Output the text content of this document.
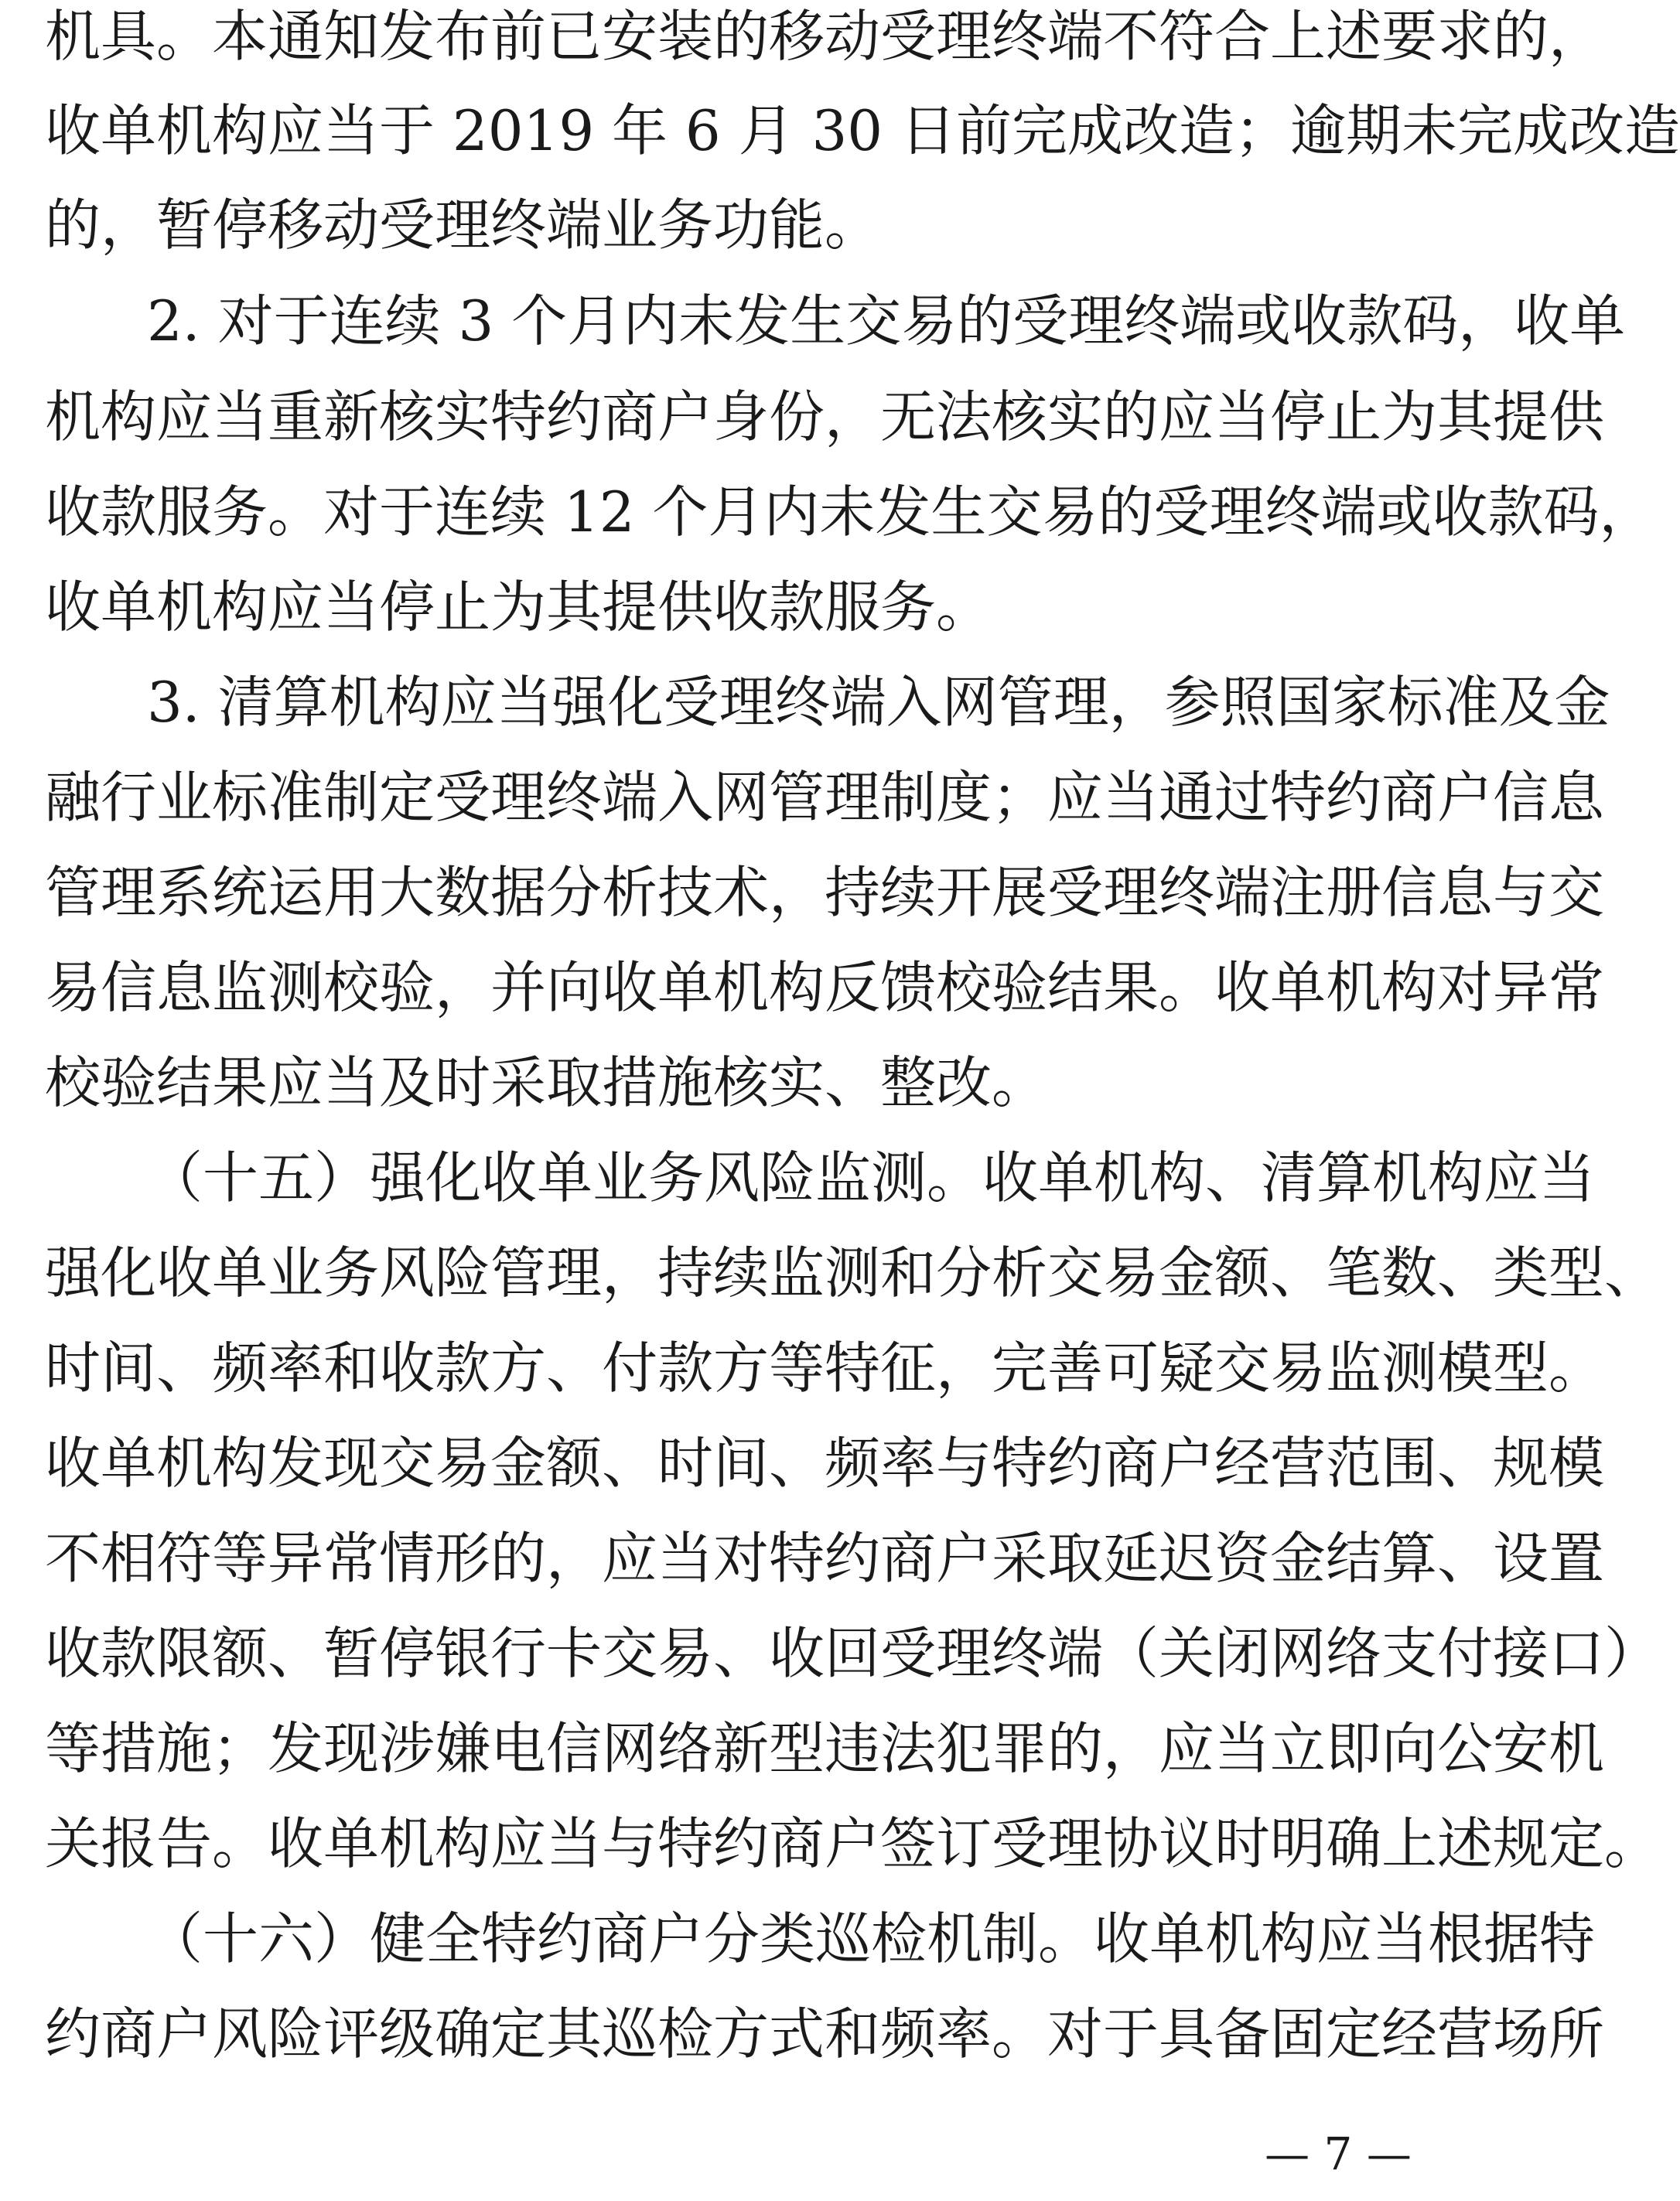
机具。本通知发布前已安装的移动受理终端不符合上述要求的，
收单机构应当于 2019 年 6 月 30 日前完成改造；逾期未完成改造
的，暂停移动受理终端业务功能。
2. 对于连续 3 个月内未发生交易的受理终端或收款码，收单
机构应当重新核实特约商户身份，无法核实的应当停止为其提供
收款服务。对于连续 12 个月内未发生交易的受理终端或收款码，
收单机构应当停止为其提供收款服务。
3. 清算机构应当强化受理终端入网管理，参照国家标准及金
融行业标准制定受理终端入网管理制度；应当通过特约商户信息
管理系统运用大数据分析技术，持续开展受理终端注册信息与交
易信息监测校验，并向收单机构反馈校验结果。收单机构对异常
校验结果应当及时采取措施核实、整改。
（十五）强化收单业务风险监测。收单机构、清算机构应当
强化收单业务风险管理，持续监测和分析交易金额、笔数、类型、
时间、频率和收款方、付款方等特征，完善可疑交易监测模型。
收单机构发现交易金额、时间、频率与特约商户经营范围、规模
不相符等异常情形的，应当对特约商户采取延迟资金结算、设置
收款限额、暂停银行卡交易、收回受理终端（关闭网络支付接口）
等措施；发现涉嫌电信网络新型违法犯罪的，应当立即向公安机
关报告。收单机构应当与特约商户签订受理协议时明确上述规定。
（十六）健全特约商户分类巡检机制。收单机构应当根据特
约商户风险评级确定其巡检方式和频率。对于具备固定经营场所
— 7 —
